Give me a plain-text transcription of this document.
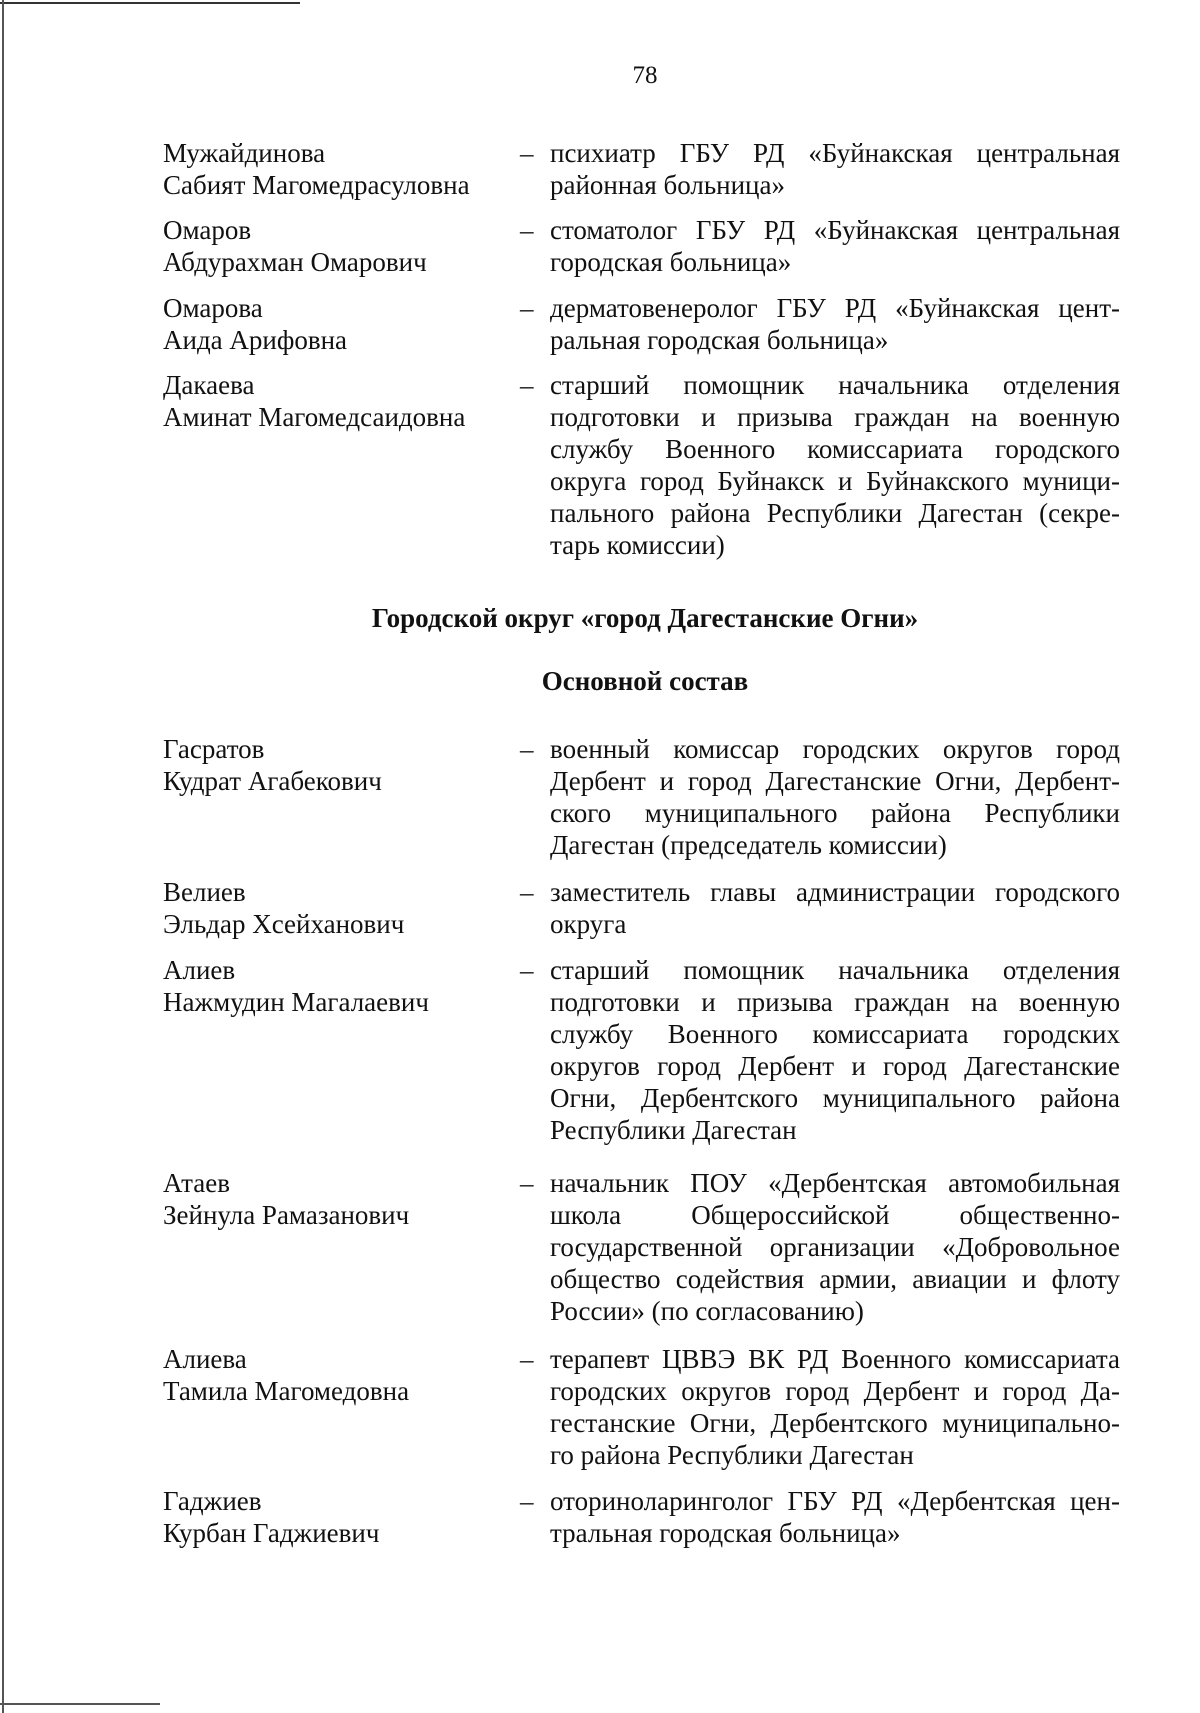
78
Мужайдинова
Сабият Магомедрасуловна
– психиатр ГБУ РД «Буйнакская центральная
районная больница»
Омаров
Абдурахман Омарович
– стоматолог ГБУ РД «Буйнакская центральная
городская больница»
Омарова
Аида Арифовна
– дерматовенеролог ГБУ РД «Буйнакская цент-
ральная городская больница»
Дакаева
Аминат Магомедсаидовна
– старший помощник начальника отделения
подготовки и призыва граждан на военную
службу Военного комиссариата городского
округа город Буйнакск и Буйнакского муници-
пального района Республики Дагестан (секре-
тарь комиссии)
Городской округ «город Дагестанские Огни»
Основной состав
Гасратов
Кудрат Агабекович
– военный комиссар городских округов город
Дербент и город Дагестанские Огни, Дербент-
ского муниципального района Республики
Дагестан (председатель комиссии)
Велиев
Эльдар Хсейханович
– заместитель главы администрации городского
округа
Алиев
Нажмудин Магалаевич
– старший помощник начальника отделения
подготовки и призыва граждан на военную
службу Военного комиссариата городских
округов город Дербент и город Дагестанские
Огни, Дербентского муниципального района
Республики Дагестан
Атаев
Зейнула Рамазанович
– начальник ПОУ «Дербентская автомобильная
школа Общероссийской общественно-
государственной организации «Добровольное
общество содействия армии, авиации и флоту
России» (по согласованию)
Алиева
Тамила Магомедовна
– терапевт ЦВВЭ ВК РД Военного комиссариата
городских округов город Дербент и город Да-
гестанские Огни, Дербентского муниципально-
го района Республики Дагестан
Гаджиев
Курбан Гаджиевич
– оториноларинголог ГБУ РД «Дербентская цен-
тральная городская больница»
